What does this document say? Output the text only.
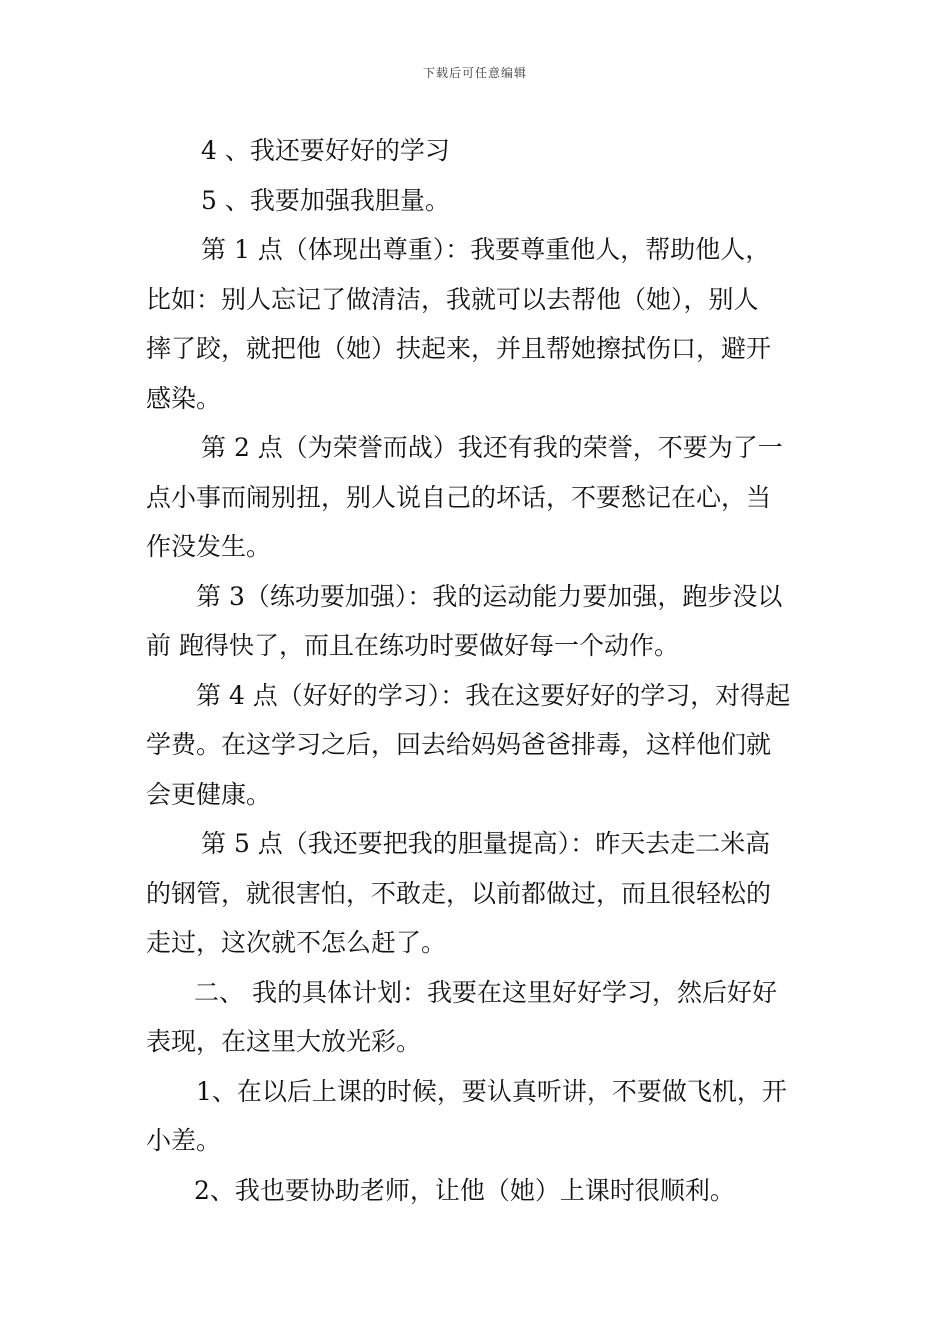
下载后可任意编辑
4 、我还要好好的学习
5 、我要加强我胆量。
第 1 点（体现出尊重）：我要尊重他人，帮助他人，
比如：别人忘记了做清洁，我就可以去帮他（她），别人
摔了跤，就把他（她）扶起来，并且帮她擦拭伤口，避开
感染。
第 2 点（为荣誉而战）我还有我的荣誉，不要为了一
点小事而闹别扭，别人说自己的坏话，不要愁记在心，当
作没发生。
第 3（练功要加强）：我的运动能力要加强，跑步没以
前 跑得快了，而且在练功时要做好每一个动作。
第 4 点（好好的学习）：我在这要好好的学习，对得起
学费。在这学习之后，回去给妈妈爸爸排毒，这样他们就
会更健康。
第 5 点（我还要把我的胆量提高）：昨天去走二米高
的钢管，就很害怕，不敢走，以前都做过，而且很轻松的
走过，这次就不怎么赶了。
二、 我的具体计划：我要在这里好好学习，然后好好
表现，在这里大放光彩。
1、在以后上课的时候，要认真听讲，不要做飞机，开
小差。
2、我也要协助老师，让他（她）上课时很顺利。
